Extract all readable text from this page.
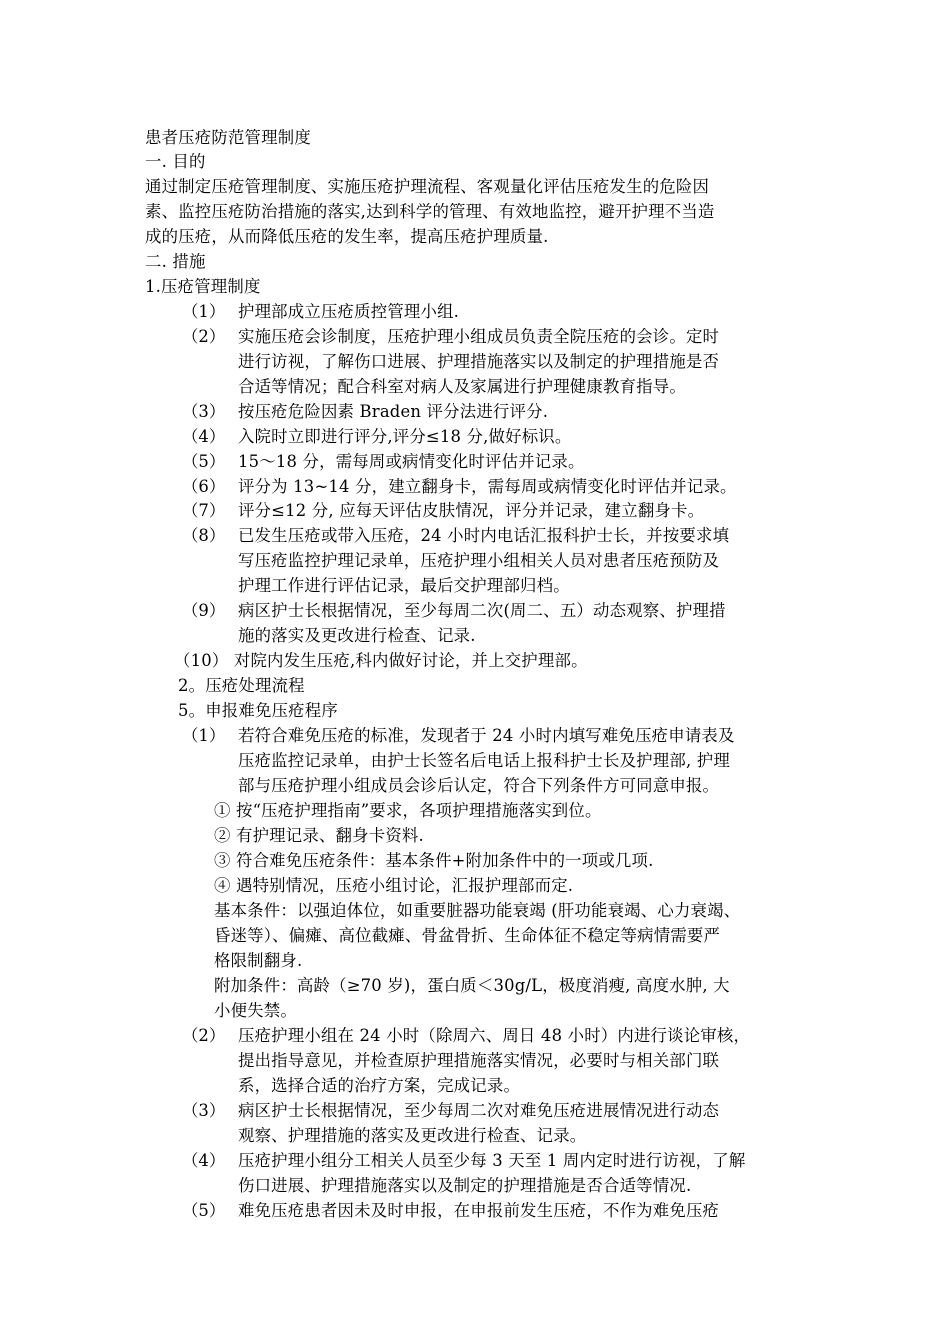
患者压疮防范管理制度
一. 目的
通过制定压疮管理制度、实施压疮护理流程、客观量化评估压疮发生的危险因
素、监控压疮防治措施的落实,达到科学的管理、有效地监控，避开护理不当造
成的压疮，从而降低压疮的发生率，提高压疮护理质量.
二. 措施
1.压疮管理制度
（1） 护理部成立压疮质控管理小组.
（2） 实施压疮会诊制度，压疮护理小组成员负责全院压疮的会诊。定时
进行访视，了解伤口进展、护理措施落实以及制定的护理措施是否
合适等情况；配合科室对病人及家属进行护理健康教育指导。
（3） 按压疮危险因素 Braden 评分法进行评分.
（4） 入院时立即进行评分,评分≤18 分,做好标识。
（5） 15～18 分，需每周或病情变化时评估并记录。
（6） 评分为 13~14 分，建立翻身卡，需每周或病情变化时评估并记录。
（7） 评分≤12 分, 应每天评估皮肤情况，评分并记录，建立翻身卡。
（8） 已发生压疮或带入压疮，24 小时内电话汇报科护士长，并按要求填
写压疮监控护理记录单，压疮护理小组相关人员对患者压疮预防及
护理工作进行评估记录，最后交护理部归档。
（9） 病区护士长根据情况，至少每周二次(周二、五）动态观察、护理措
施的落实及更改进行检查、记录.
（10） 对院内发生压疮,科内做好讨论，并上交护理部。
2。压疮处理流程
5。申报难免压疮程序
（1） 若符合难免压疮的标准，发现者于 24 小时内填写难免压疮申请表及
压疮监控记录单，由护士长签名后电话上报科护士长及护理部, 护理
部与压疮护理小组成员会诊后认定，符合下列条件方可同意申报。
① 按“压疮护理指南”要求，各项护理措施落实到位。
② 有护理记录、翻身卡资料.
③ 符合难免压疮条件：基本条件+附加条件中的一项或几项.
④ 遇特别情况，压疮小组讨论，汇报护理部而定.
基本条件：以强迫体位，如重要脏器功能衰竭 (肝功能衰竭、心力衰竭、
昏迷等）、偏瘫、高位截瘫、骨盆骨折、生命体征不稳定等病情需要严
格限制翻身.
附加条件：高龄（≥70 岁)，蛋白质＜30g/L，极度消瘦, 高度水肿, 大
小便失禁。
（2） 压疮护理小组在 24 小时（除周六、周日 48 小时）内进行谈论审核，
提出指导意见，并检查原护理措施落实情况，必要时与相关部门联
系，选择合适的治疗方案，完成记录。
（3） 病区护士长根据情况，至少每周二次对难免压疮进展情况进行动态
观察、护理措施的落实及更改进行检查、记录。
（4） 压疮护理小组分工相关人员至少每 3 天至 1 周内定时进行访视，了解
伤口进展、护理措施落实以及制定的护理措施是否合适等情况.
（5） 难免压疮患者因未及时申报，在申报前发生压疮，不作为难免压疮
